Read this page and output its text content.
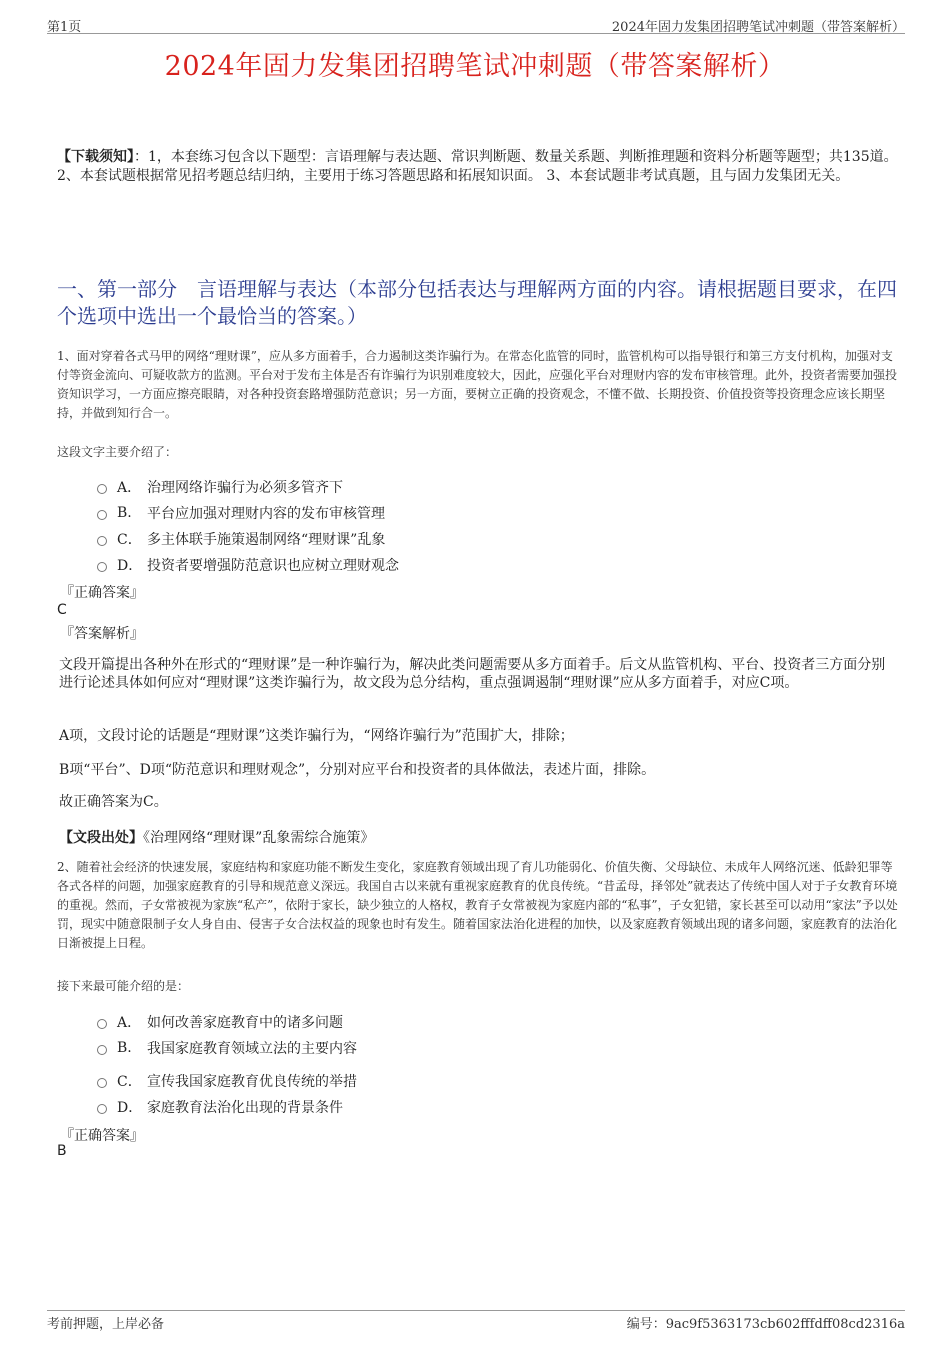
第1页	2024年固力发集团招聘笔试冲刺题（带答案解析）
2024年固力发集团招聘笔试冲刺题（带答案解析）
【下载须知】：1，本套练习包含以下题型：言语理解与表达题、常识判断题、数量关系题、判断推理题和资料分析题等题型；共135道。 2、本套试题根据常见招考题总结归纳，主要用于练习答题思路和拓展知识面。 3、本套试题非考试真题，且与固力发集团无关。
一、第一部分　言语理解与表达（本部分包括表达与理解两方面的内容。请根据题目要求，在四个选项中选出一个最恰当的答案。）
1、面对穿着各式马甲的网络“理财课”，应从多方面着手，合力遏制这类诈骗行为。在常态化监管的同时，监管机构可以指导银行和第三方支付机构，加强对支付等资金流向、可疑收款方的监测。平台对于发布主体是否有诈骗行为识别难度较大，因此，应强化平台对理财内容的发布审核管理。此外，投资者需要加强投资知识学习，一方面应擦亮眼睛，对各种投资套路增强防范意识；另一方面，要树立正确的投资观念，不懂不做、长期投资、价值投资等投资理念应该长期坚持，并做到知行合一。
这段文字主要介绍了：
A． 治理网络诈骗行为必须多管齐下
B.	平台应加强对理财内容的发布审核管理
C． 多主体联手施策遏制网络“理财课”乱象
D． 投资者要增强防范意识也应树立理财观念
『正确答案』
C
『答案解析』
文段开篇提出各种外在形式的“理财课”是一种诈骗行为，解决此类问题需要从多方面着手。后文从监管机构、平台、投资者三方面分别进行论述具体如何应对“理财课”这类诈骗行为，故文段为总分结构，重点强调遏制“理财课”应从多方面着手，对应C项。
A项，文段讨论的话题是“理财课”这类诈骗行为，“网络诈骗行为”范围扩大，排除；
B项“平台”、D项“防范意识和理财观念”，分别对应平台和投资者的具体做法，表述片面，排除。
故正确答案为C。
【文段出处】《治理网络“理财课”乱象需综合施策》
2、随着社会经济的快速发展，家庭结构和家庭功能不断发生变化，家庭教育领域出现了育儿功能弱化、价值失衡、父母缺位、未成年人网络沉迷、低龄犯罪等各式各样的问题，加强家庭教育的引导和规范意义深远。我国自古以来就有重视家庭教育的优良传统。“昔孟母，择邻处”就表达了传统中国人对于子女教育环境的重视。然而，子女常被视为家族“私产”，依附于家长，缺少独立的人格权，教育子女常被视为家庭内部的“私事”，子女犯错，家长甚至可以动用“家法”予以处罚，现实中随意限制子女人身自由、侵害子女合法权益的现象也时有发生。随着国家法治化进程的加快，以及家庭教育领域出现的诸多问题，家庭教育的法治化日渐被提上日程。
接下来最可能介绍的是：
A． 如何改善家庭教育中的诸多问题
B.	我国家庭教育领域立法的主要内容
C． 宣传我国家庭教育优良传统的举措
D． 家庭教育法治化出现的背景条件
『正确答案』
B
考前押题，上岸必备	编号：9ac9f5363173cb602fffdff08cd2316a
